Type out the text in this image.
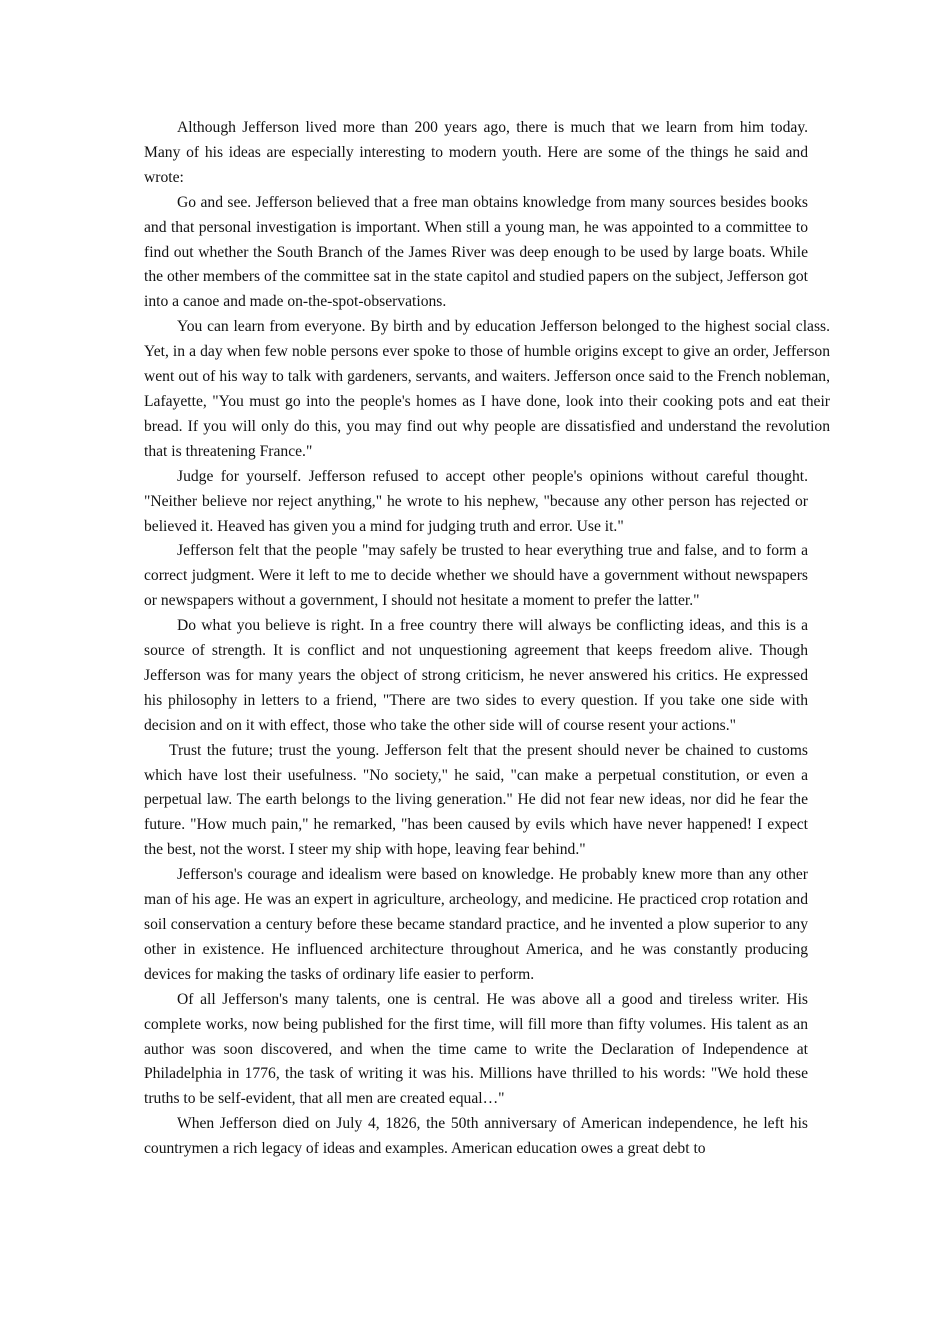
Although Jefferson lived more than 200 years ago, there is much that we learn from him today. Many of his ideas are especially interesting to modern youth. Here are some of the things he said and wrote:

Go and see. Jefferson believed that a free man obtains knowledge from many sources besides books and that personal investigation is important. When still a young man, he was appointed to a committee to find out whether the South Branch of the James River was deep enough to be used by large boats. While the other members of the committee sat in the state capitol and studied papers on the subject, Jefferson got into a canoe and made on-the-spot-observations.

You can learn from everyone. By birth and by education Jefferson belonged to the highest social class. Yet, in a day when few noble persons ever spoke to those of humble origins except to give an order, Jefferson went out of his way to talk with gardeners, servants, and waiters. Jefferson once said to the French nobleman, Lafayette, "You must go into the people's homes as I have done, look into their cooking pots and eat their bread. If you will only do this, you may find out why people are dissatisfied and understand the revolution that is threatening France."

Judge for yourself. Jefferson refused to accept other people's opinions without careful thought. "Neither believe nor reject anything," he wrote to his nephew, "because any other person has rejected or believed it. Heaved has given you a mind for judging truth and error. Use it."

Jefferson felt that the people "may safely be trusted to hear everything true and false, and to form a correct judgment. Were it left to me to decide whether we should have a government without newspapers or newspapers without a government, I should not hesitate a moment to prefer the latter."

Do what you believe is right. In a free country there will always be conflicting ideas, and this is a source of strength. It is conflict and not unquestioning agreement that keeps freedom alive. Though Jefferson was for many years the object of strong criticism, he never answered his critics. He expressed his philosophy in letters to a friend, "There are two sides to every question. If you take one side with decision and on it with effect, those who take the other side will of course resent your actions."

Trust the future; trust the young. Jefferson felt that the present should never be chained to customs which have lost their usefulness. "No society," he said, "can make a perpetual constitution, or even a perpetual law. The earth belongs to the living generation." He did not fear new ideas, nor did he fear the future. "How much pain," he remarked, "has been caused by evils which have never happened! I expect the best, not the worst. I steer my ship with hope, leaving fear behind."

Jefferson's courage and idealism were based on knowledge. He probably knew more than any other man of his age. He was an expert in agriculture, archeology, and medicine. He practiced crop rotation and soil conservation a century before these became standard practice, and he invented a plow superior to any other in existence. He influenced architecture throughout America, and he was constantly producing devices for making the tasks of ordinary life easier to perform.

Of all Jefferson's many talents, one is central. He was above all a good and tireless writer. His complete works, now being published for the first time, will fill more than fifty volumes. His talent as an author was soon discovered, and when the time came to write the Declaration of Independence at Philadelphia in 1776, the task of writing it was his. Millions have thrilled to his words: "We hold these truths to be self-evident, that all men are created equal…"

When Jefferson died on July 4, 1826, the 50th anniversary of American independence, he left his countrymen a rich legacy of ideas and examples. American education owes a great debt to
